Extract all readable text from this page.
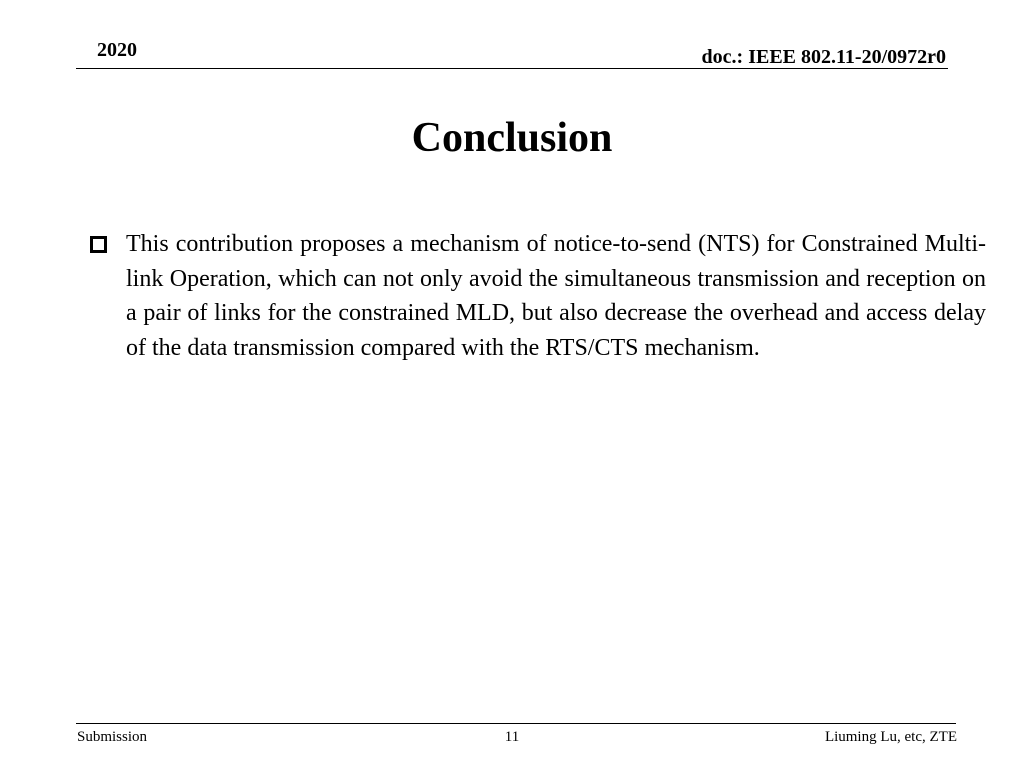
2020	doc.: IEEE 802.11-20/0972r0
Conclusion

This contribution proposes a mechanism of notice-to-send (NTS) for Constrained Multi-link Operation, which can not only avoid the simultaneous transmission and reception on a pair of links for the constrained MLD, but also decrease the overhead and access delay of the data transmission compared with the RTS/CTS mechanism.

Submission	11	Liuming Lu, etc, ZTE
